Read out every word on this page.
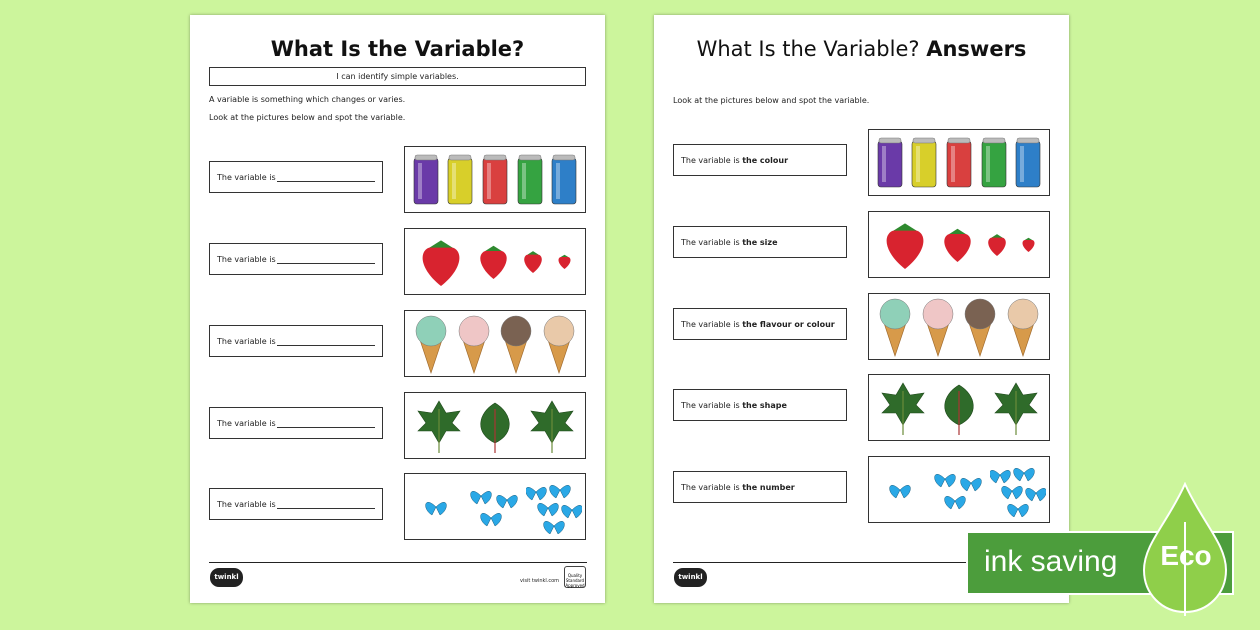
What Is the Variable?
I can identify simple variables.
A variable is something which changes or varies.
Look at the pictures below and spot the variable.
The variable is
The variable is
The variable is
The variable is
The variable is
twinkl	visit twinkl.com
Quality Standard Approved
What Is the Variable? Answers
Look at the pictures below and spot the variable.
The variable is the colour
The variable is the size
The variable is the flavour or colour
The variable is the shape
The variable is the number
twinkl	ink saving Eco
